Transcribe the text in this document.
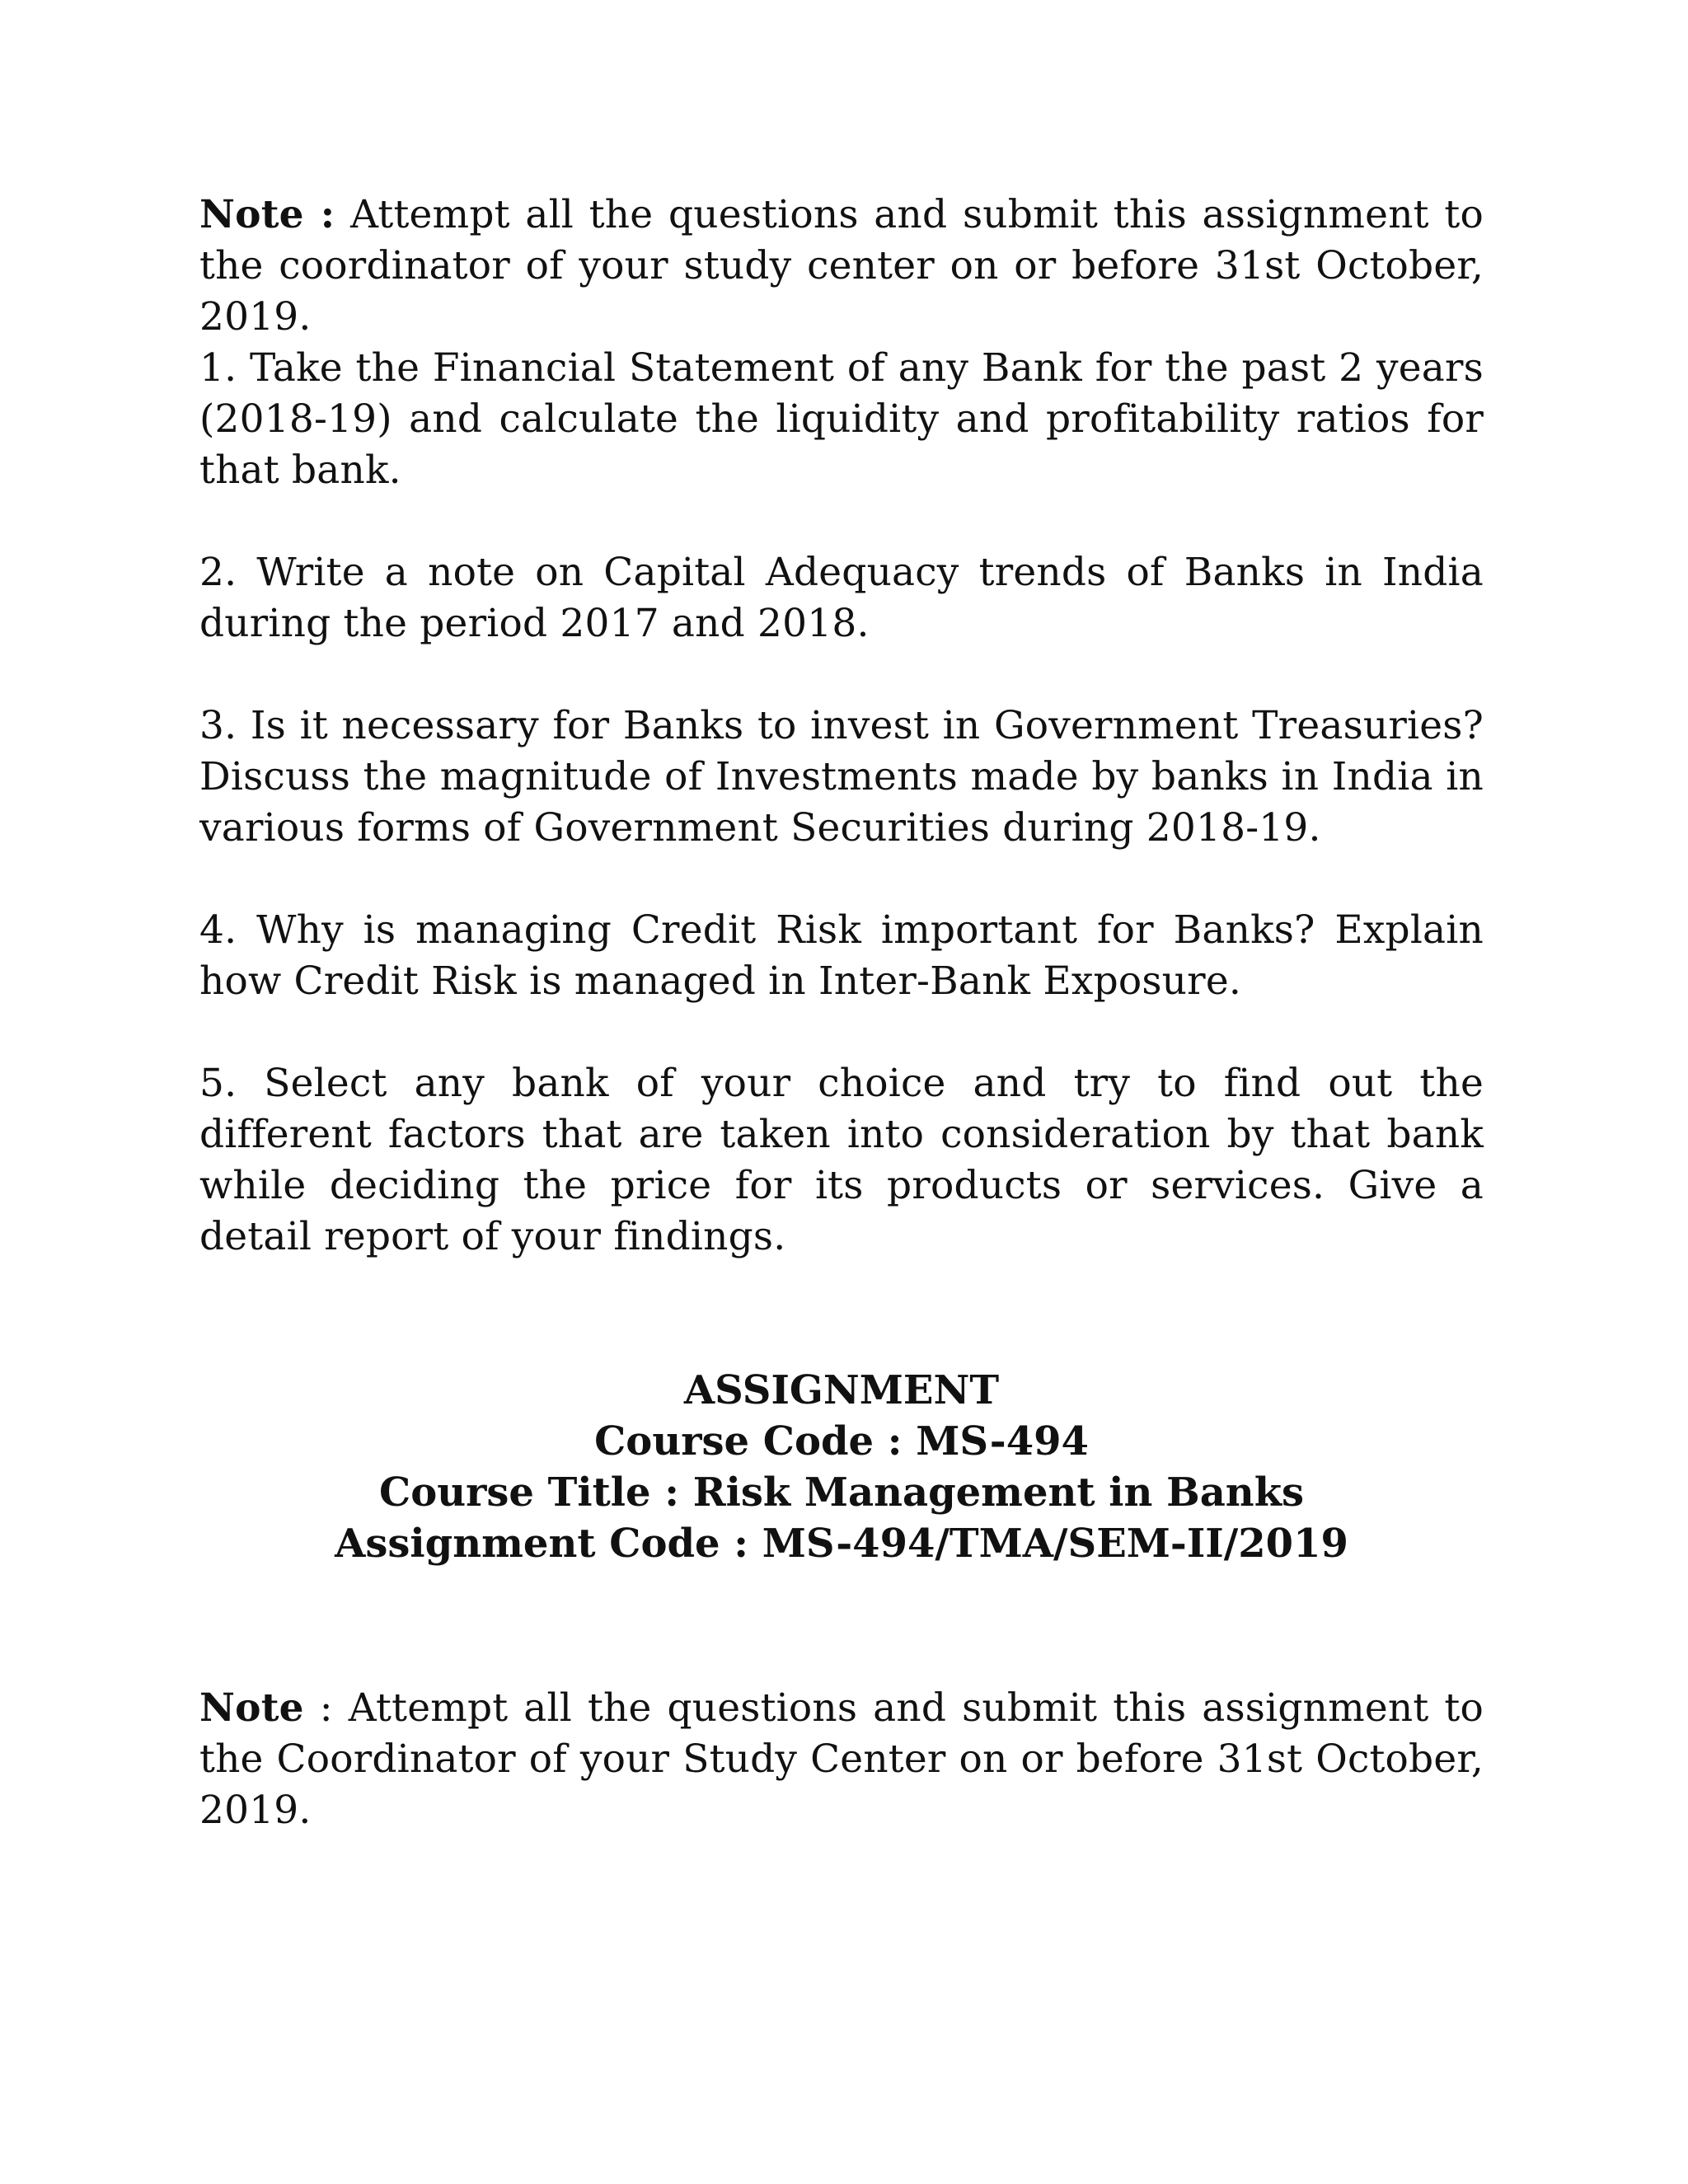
Note : Attempt all the questions and submit this assignment to the coordinator of your study center on or before 31st October, 2019.

1. Take the Financial Statement of any Bank for the past 2 years (2018-19) and calculate the liquidity and profitability ratios for that bank.

2. Write a note on Capital Adequacy trends of Banks in India during the period 2017 and 2018.

3. Is it necessary for Banks to invest in Government Treasuries? Discuss the magnitude of Investments made by banks in India in various forms of Government Securities during 2018-19.

4. Why is managing Credit Risk important for Banks? Explain how Credit Risk is managed in Inter-Bank Exposure.

5. Select any bank of your choice and try to find out the different factors that are taken into consideration by that bank while deciding the price for its products or services. Give a detail report of your findings.

ASSIGNMENT
Course Code : MS-494
Course Title : Risk Management in Banks
Assignment Code : MS-494/TMA/SEM-II/2019

Note : Attempt all the questions and submit this assignment to the Coordinator of your Study Center on or before 31st October, 2019.
